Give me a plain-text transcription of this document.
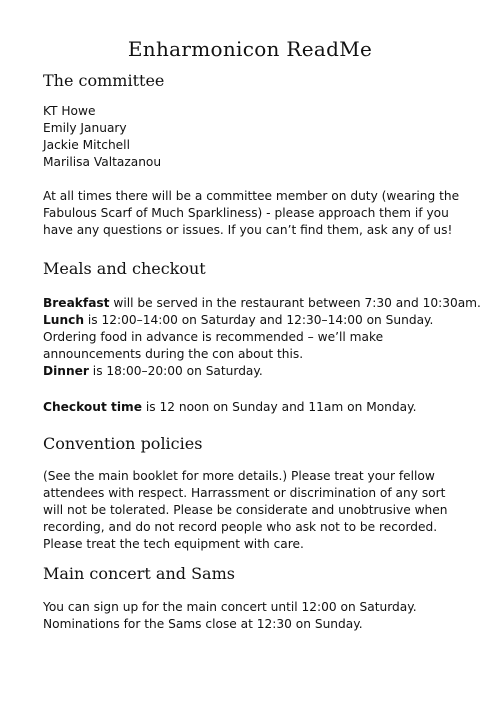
Enharmonicon ReadMe
The committee
KT Howe
Emily January
Jackie Mitchell
Marilisa Valtazanou
At all times there will be a committee member on duty (wearing the
Fabulous Scarf of Much Sparkliness) - please approach them if you
have any questions or issues. If you can’t find them, ask any of us!
Meals and checkout
Breakfast will be served in the restaurant between 7:30 and 10:30am.
Lunch is 12:00–14:00 on Saturday and 12:30–14:00 on Sunday.
Ordering food in advance is recommended – we’ll make
announcements during the con about this.
Dinner is 18:00–20:00 on Saturday.
Checkout time is 12 noon on Sunday and 11am on Monday.
Convention policies
(See the main booklet for more details.) Please treat your fellow
attendees with respect. Harrassment or discrimination of any sort
will not be tolerated. Please be considerate and unobtrusive when
recording, and do not record people who ask not to be recorded.
Please treat the tech equipment with care.
Main concert and Sams
You can sign up for the main concert until 12:00 on Saturday.
Nominations for the Sams close at 12:30 on Sunday.
